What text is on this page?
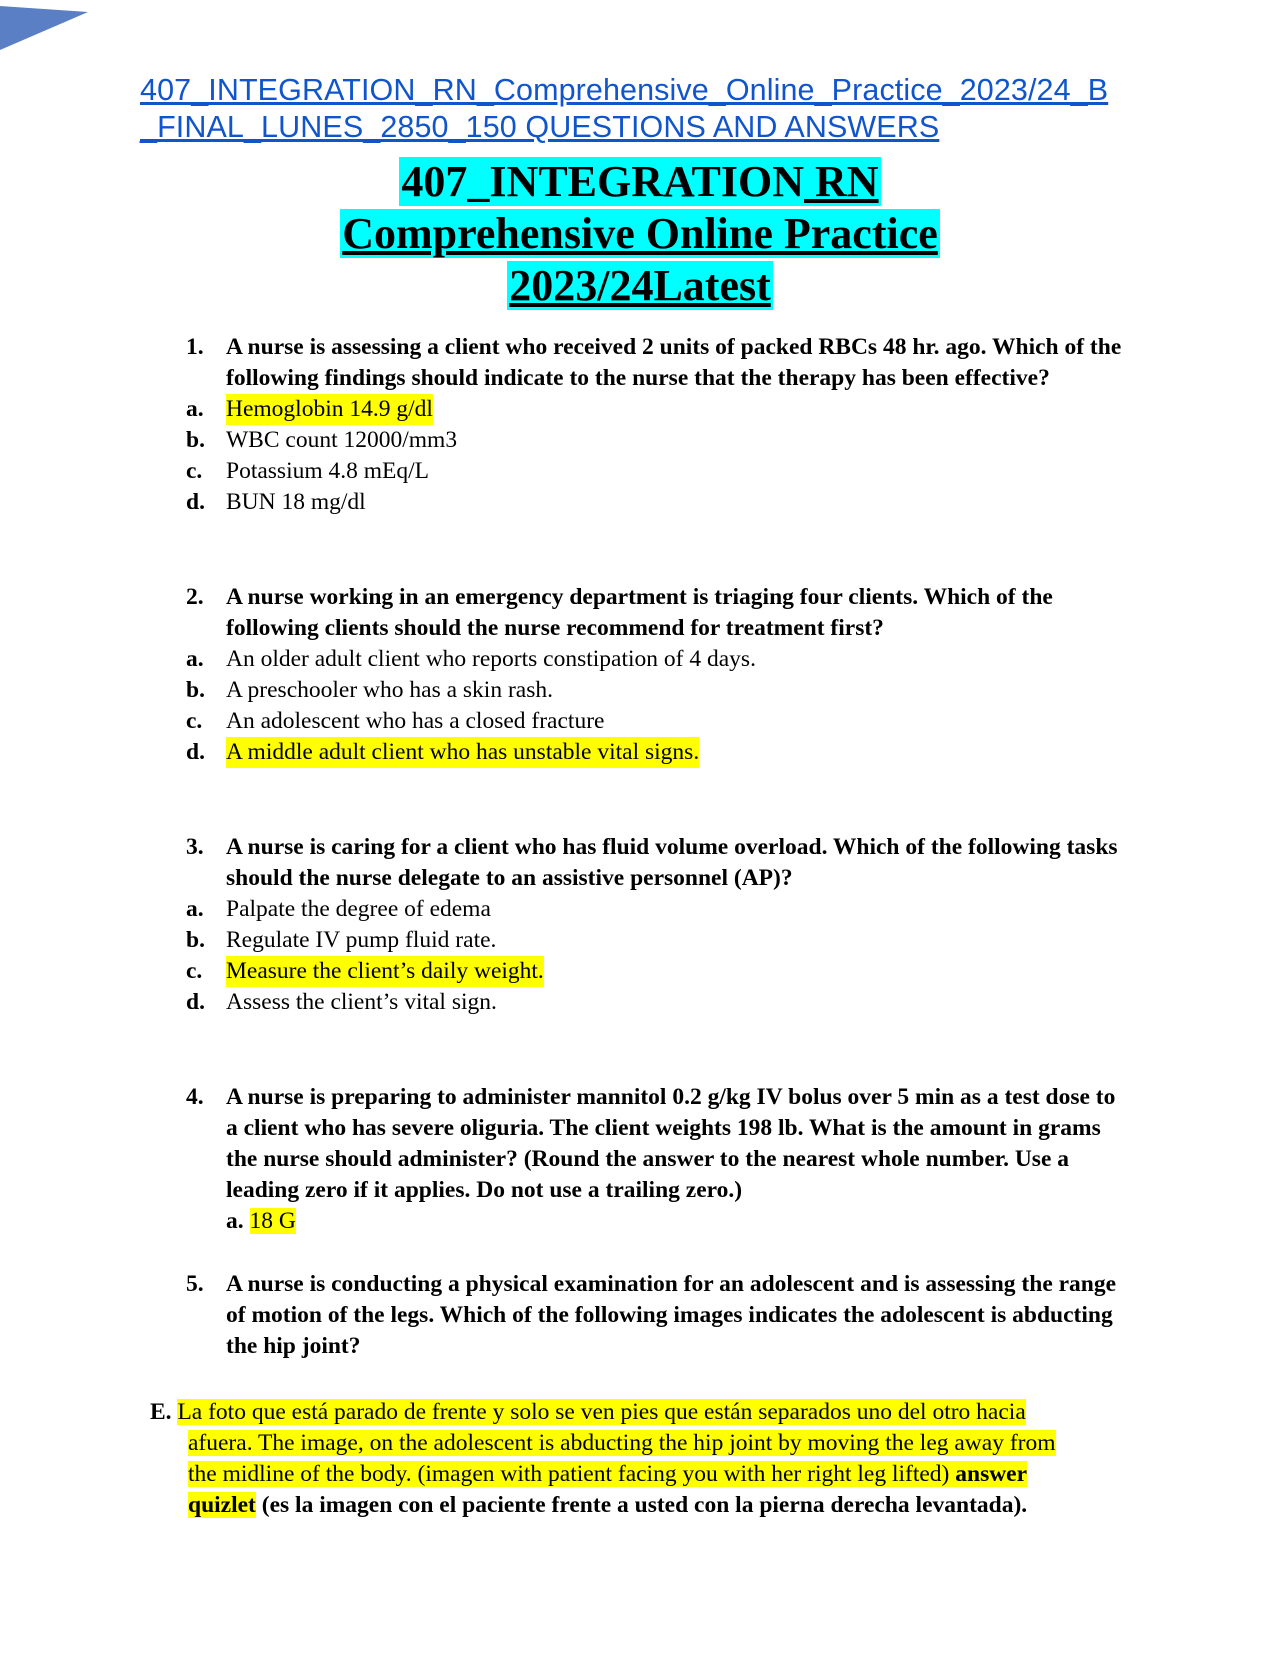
407_INTEGRATION_RN_Comprehensive_Online_Practice_2023/24_B
_FINAL_LUNES_2850_150 QUESTIONS AND ANSWERS
407_INTEGRATION RN
Comprehensive Online Practice
2023/24Latest
1. A nurse is assessing a client who received 2 units of packed RBCs 48 hr. ago. Which of the following findings should indicate to the nurse that the therapy has been effective?
a. Hemoglobin 14.9 g/dl
b. WBC count 12000/mm3
c.	Potassium 4.8 mEq/L
d. BUN 18 mg/dl
2. A nurse working in an emergency department is triaging four clients. Which of the following clients should the nurse recommend for treatment first?
a. An older adult client who reports constipation of 4 days.
b. A preschooler who has a skin rash.
c.	An adolescent who has a closed fracture
d. A middle adult client who has unstable vital signs.
3. A nurse is caring for a client who has fluid volume overload. Which of the following tasks should the nurse delegate to an assistive personnel (AP)?
a. Palpate the degree of edema
b. Regulate IV pump fluid rate.
c.	Measure the client’s daily weight.
d. Assess the client’s vital sign.
4. A nurse is preparing to administer mannitol 0.2 g/kg IV bolus over 5 min as a test dose to a client who has severe oliguria. The client weights 198 lb. What is the amount in grams the nurse should administer? (Round the answer to the nearest whole number. Use a leading zero if it applies. Do not use a trailing zero.)
a. 18 G
5. A nurse is conducting a physical examination for an adolescent and is assessing the range of motion of the legs. Which of the following images indicates the adolescent is abducting the hip joint?
E. La foto que está parado de frente y solo se ven pies que están separados uno del otro hacia
afuera. The image, on the adolescent is abducting the hip joint by moving the leg away from
the midline of the body. (imagen with patient facing you with her right leg lifted) answer
quizlet (es la imagen con el paciente frente a usted con la pierna derecha levantada).
